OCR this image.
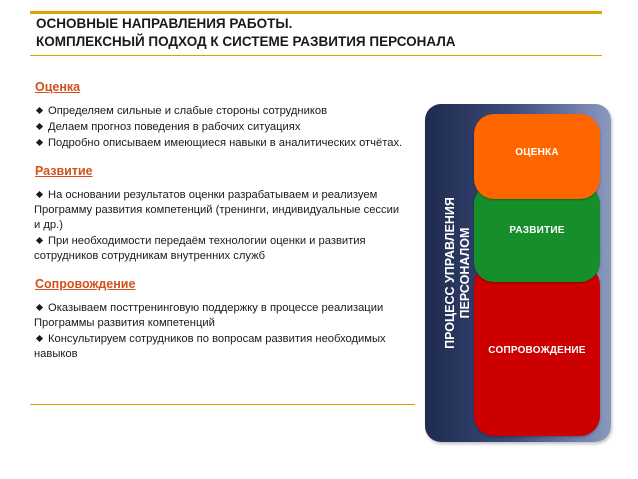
ОСНОВНЫЕ НАПРАВЛЕНИЯ РАБОТЫ.
КОМПЛЕКСНЫЙ ПОДХОД К СИСТЕМЕ РАЗВИТИЯ ПЕРСОНАЛА
Оценка
Определяем сильные и слабые стороны сотрудников
Делаем прогноз поведения в рабочих ситуациях
Подробно описываем имеющиеся навыки в аналитических отчётах.
Развитие
На основании результатов оценки разрабатываем и реализуем Программу развития компетенций (тренинги, индивидуальные сессии и др.)
При необходимости передаём технологии оценки и развития сотрудников сотрудникам внутренних служб
Сопровождение
Оказываем посттренинговую поддержку в процессе реализации Программы развития компетенций
Консультируем сотрудников по вопросам развития необходимых навыков
ПРОЦЕСС УПРАВЛЕНИЯ ПЕРСОНАЛОМ
СОПРОВОЖДЕНИЕ
РАЗВИТИЕ
ОЦЕНКА
